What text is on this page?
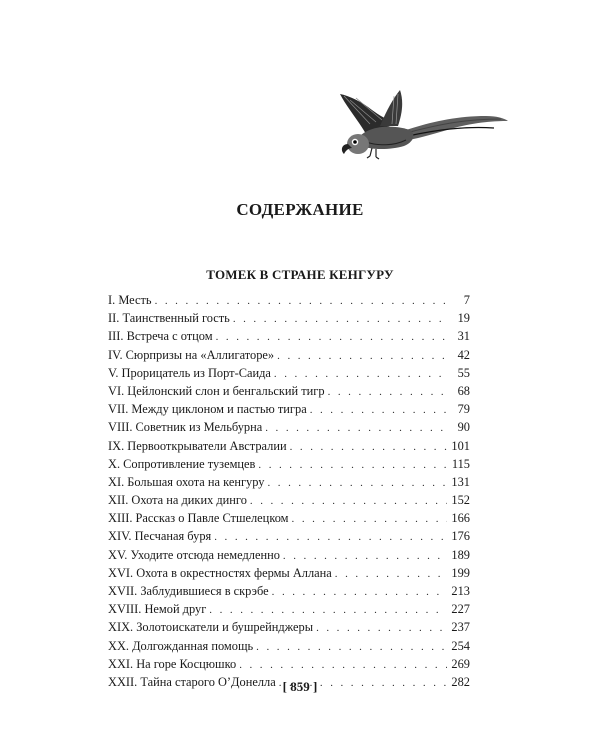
СОДЕРЖАНИЕ
ТОМЕК В СТРАНЕ КЕНГУРУ
I. Месть . . .	7
II. Таинственный гость . . .	19
III. Встреча с отцом . . .	31
IV. Сюрпризы на «Аллигаторе» . . .	42
V. Прорицатель из Порт-Саида . . .	55
VI. Цейлонский слон и бенгальский тигр . . .	68
VII. Между циклоном и пастью тигра . . .	79
VIII. Советник из Мельбурна . . .	90
IX. Первооткрыватели Австралии . . .	101
X. Сопротивление туземцев . . .	115
XI. Большая охота на кенгуру . . .	131
XII. Охота на диких динго . . .	152
XIII. Рассказ о Павле Стшелецком . . .	166
XIV. Песчаная буря . . .	176
XV. Уходите отсюда немедленно . . .	189
XVI. Охота в окрестностях фермы Аллана . . .	199
XVII. Заблудившиеся в скрэбе . . .	213
XVIII. Немой друг . . .	227
XIX. Золотоискатели и бушрейнджеры . . .	237
XX. Долгожданная помощь . . .	254
XXI. На горе Косцюшко . . .	269
XXII. Тайна старого О’Донелла . . .	282
[ 859 ]
